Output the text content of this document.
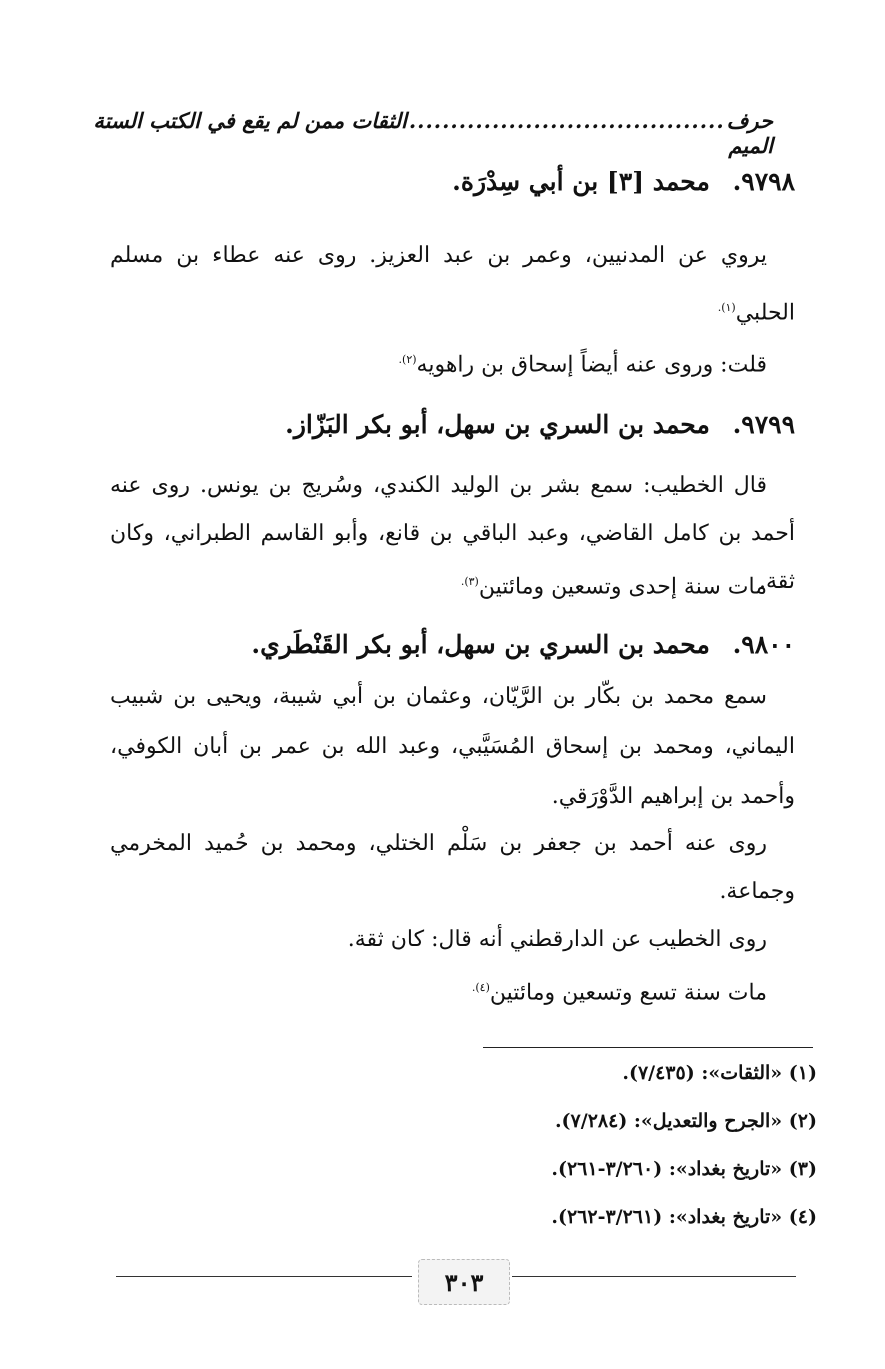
حرف الميم
......................................
الثقات ممن لم يقع في الكتب الستة
٩٧٩٨. محمد [٣] بن أبي سِدْرَة.

يروي عن المدنيين، وعمر بن عبد العزيز. روى عنه عطاء بن مسلم الحلبي$^{(١).}$

قلت: وروى عنه أيضاً إسحاق بن راهويه$^{(٢).}$

٩٧٩٩. محمد بن السري بن سهل، أبو بكر البَزّاز.

قال الخطيب: سمع بشر بن الوليد الكندي، وسُريج بن يونس. روى عنه أحمد بن كامل القاضي، وعبد الباقي بن قانع، وأبو القاسم الطبراني، وكان ثقة.

مات سنة إحدى وتسعين ومائتين$^{(٣).}$

٩٨٠٠. محمد بن السري بن سهل، أبو بكر القَنْطَري.

سمع محمد بن بكّار بن الرَّيّان، وعثمان بن أبي شيبة، ويحيى بن شبيب اليماني، ومحمد بن إسحاق المُسَيَّبي، وعبد الله بن عمر بن أبان الكوفي، وأحمد بن إبراهيم الدَّوْرَقي.

روى عنه أحمد بن جعفر بن سَلْم الختلي، ومحمد بن حُميد المخرمي وجماعة.

روى الخطيب عن الدارقطني أنه قال: كان ثقة.

مات سنة تسع وتسعين ومائتين$^{(٤).}$

(١) «الثقات»: (٧/٤٣٥).
(٢) «الجرح والتعديل»: (٧/٢٨٤).
(٣) «تاريخ بغداد»: (٣/٢٦٠-٢٦١).
(٤) «تاريخ بغداد»: (٣/٢٦١-٢٦٢).
٣٠٣
